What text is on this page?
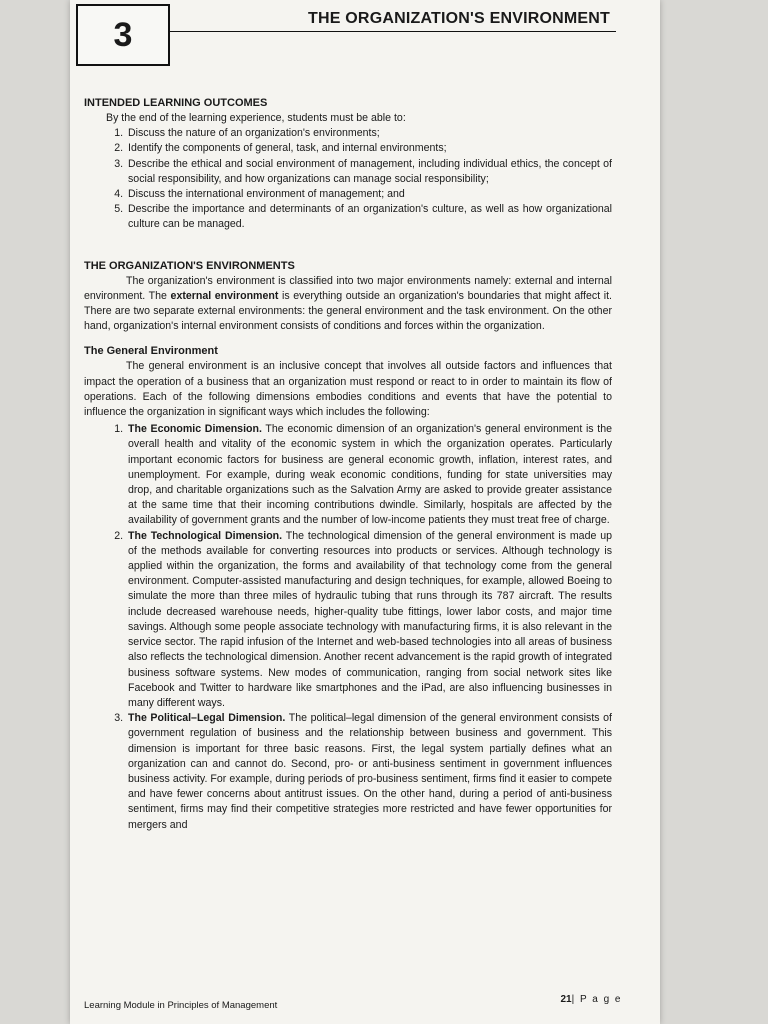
3	THE ORGANIZATION'S ENVIRONMENT
INTENDED LEARNING OUTCOMES

By the end of the learning experience, students must be able to:

1. Discuss the nature of an organization's environments;
2. Identify the components of general, task, and internal environments;
3. Describe the ethical and social environment of management, including individual ethics, the concept of social responsibility, and how organizations can manage social responsibility;
4. Discuss the international environment of management; and
5. Describe the importance and determinants of an organization's culture, as well as how organizational culture can be managed.
THE ORGANIZATION'S ENVIRONMENTS

The organization's environment is classified into two major environments namely: external and internal environment. The external environment is everything outside an organization's boundaries that might affect it. There are two separate external environments: the general environment and the task environment. On the other hand, organization's internal environment consists of conditions and forces within the organization.

The General Environment

The general environment is an inclusive concept that involves all outside factors and influences that impact the operation of a business that an organization must respond or react to in order to maintain its flow of operations. Each of the following dimensions embodies conditions and events that have the potential to influence the organization in significant ways which includes the following:

1. The Economic Dimension. The economic dimension of an organization's general environment is the overall health and vitality of the economic system in which the organization operates. Particularly important economic factors for business are general economic growth, inflation, interest rates, and unemployment. For example, during weak economic conditions, funding for state universities may drop, and charitable organizations such as the Salvation Army are asked to provide greater assistance at the same time that their incoming contributions dwindle. Similarly, hospitals are affected by the availability of government grants and the number of low-income patients they must treat free of charge.
2. The Technological Dimension. The technological dimension of the general environment is made up of the methods available for converting resources into products or services. Although technology is applied within the organization, the forms and availability of that technology come from the general environment. Computer-assisted manufacturing and design techniques, for example, allowed Boeing to simulate the more than three miles of hydraulic tubing that runs through its 787 aircraft. The results include decreased warehouse needs, higher-quality tube fittings, lower labor costs, and major time savings. Although some people associate technology with manufacturing firms, it is also relevant in the service sector. The rapid infusion of the Internet and web-based technologies into all areas of business also reflects the technological dimension. Another recent advancement is the rapid growth of integrated business software systems. New modes of communication, ranging from social network sites like Facebook and Twitter to hardware like smartphones and the iPad, are also influencing businesses in many different ways.
3. The Political–Legal Dimension. The political–legal dimension of the general environment consists of government regulation of business and the relationship between business and government. This dimension is important for three basic reasons. First, the legal system partially defines what an organization can and cannot do. Second, pro- or anti-business sentiment in government influences business activity. For example, during periods of pro-business sentiment, firms find it easier to compete and have fewer concerns about antitrust issues. On the other hand, during a period of anti-business sentiment, firms may find their competitive strategies more restricted and have fewer opportunities for mergers and
Learning Module in Principles of Management
21| P a g e
